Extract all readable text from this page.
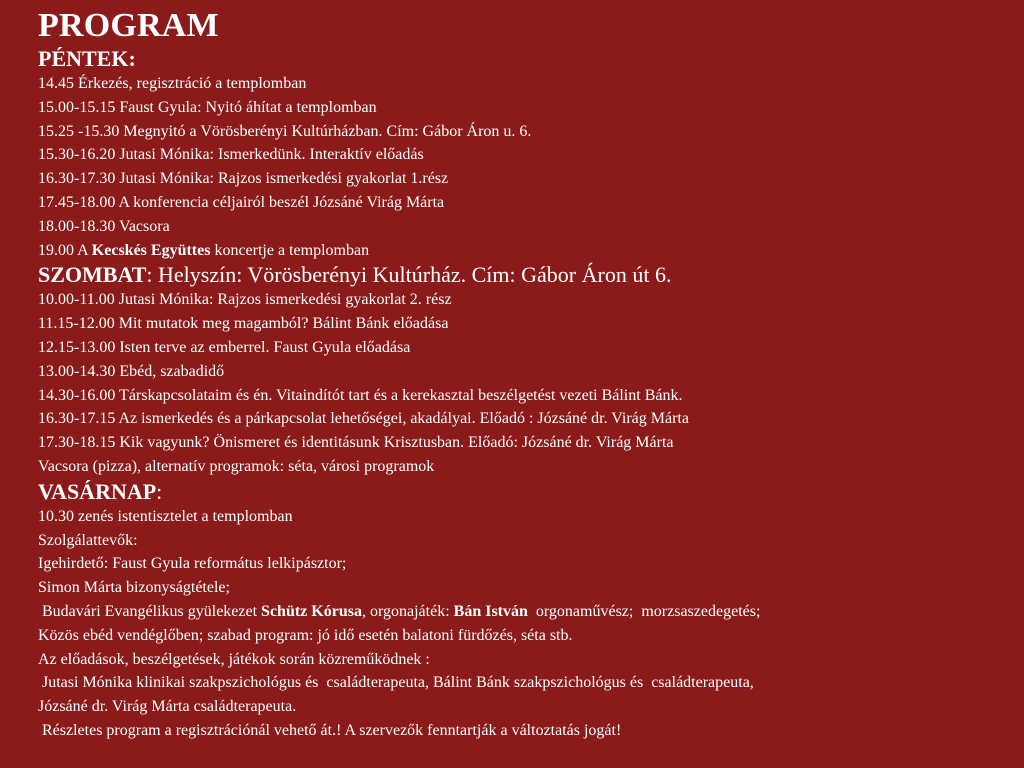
PROGRAM
PÉNTEK:
14.45 Érkezés, regisztráció a templomban
15.00-15.15 Faust Gyula: Nyitó áhítat a templomban
15.25 -15.30 Megnyitó a Vörösberényi Kultúrházban. Cím: Gábor Áron u. 6.
15.30-16.20 Jutasi Mónika: Ismerkedünk. Interaktív előadás
16.30-17.30 Jutasi Mónika: Rajzos ismerkedési gyakorlat 1.rész
17.45-18.00 A konferencia céljairól beszél Józsáné Virág Márta
18.00-18.30 Vacsora
19.00 A Kecskés Együttes koncertje a templomban
SZOMBAT: Helyszín: Vörösberényi Kultúrház. Cím: Gábor Áron út 6.
10.00-11.00 Jutasi Mónika: Rajzos ismerkedési gyakorlat 2. rész
11.15-12.00 Mit mutatok meg magamból? Bálint Bánk előadása
12.15-13.00 Isten terve az emberrel. Faust Gyula előadása
13.00-14.30 Ebéd, szabadidő
14.30-16.00 Társkapcsolataim és én. Vitaindítót tart és a kerekasztal beszélgetést vezeti Bálint Bánk.
16.30-17.15 Az ismerkedés és a párkapcsolat lehetőségei, akadályai. Előadó : Józsáné dr. Virág Márta
17.30-18.15 Kik vagyunk? Önismeret és identitásunk Krisztusban. Előadó: Józsáné dr. Virág Márta
Vacsora (pizza), alternatív programok: séta, városi programok
VASÁRNAP:
10.30 zenés istentisztelet a templomban
Szolgálattevők:
Igehirdető: Faust Gyula református lelkipásztor;
Simon Márta bizonyságtétele;
Budavári Evangélikus gyülekezet Schütz Kórusa, orgonajáték: Bán István  orgonaművész;  morzsaszedegetés;
Közös ebéd vendéglőben; szabad program: jó idő esetén balatoni fürdőzés, séta stb.
Az előadások, beszélgetések, játékok során közreműködnek :
Jutasi Mónika klinikai szakpszichológus és  családterapeuta, Bálint Bánk szakpszichológus és  családterapeuta,
Józsáné dr. Virág Márta családterapeuta.
Részletes program a regisztrációnál vehető át.! A szervezők fenntartják a változtatás jogát!
